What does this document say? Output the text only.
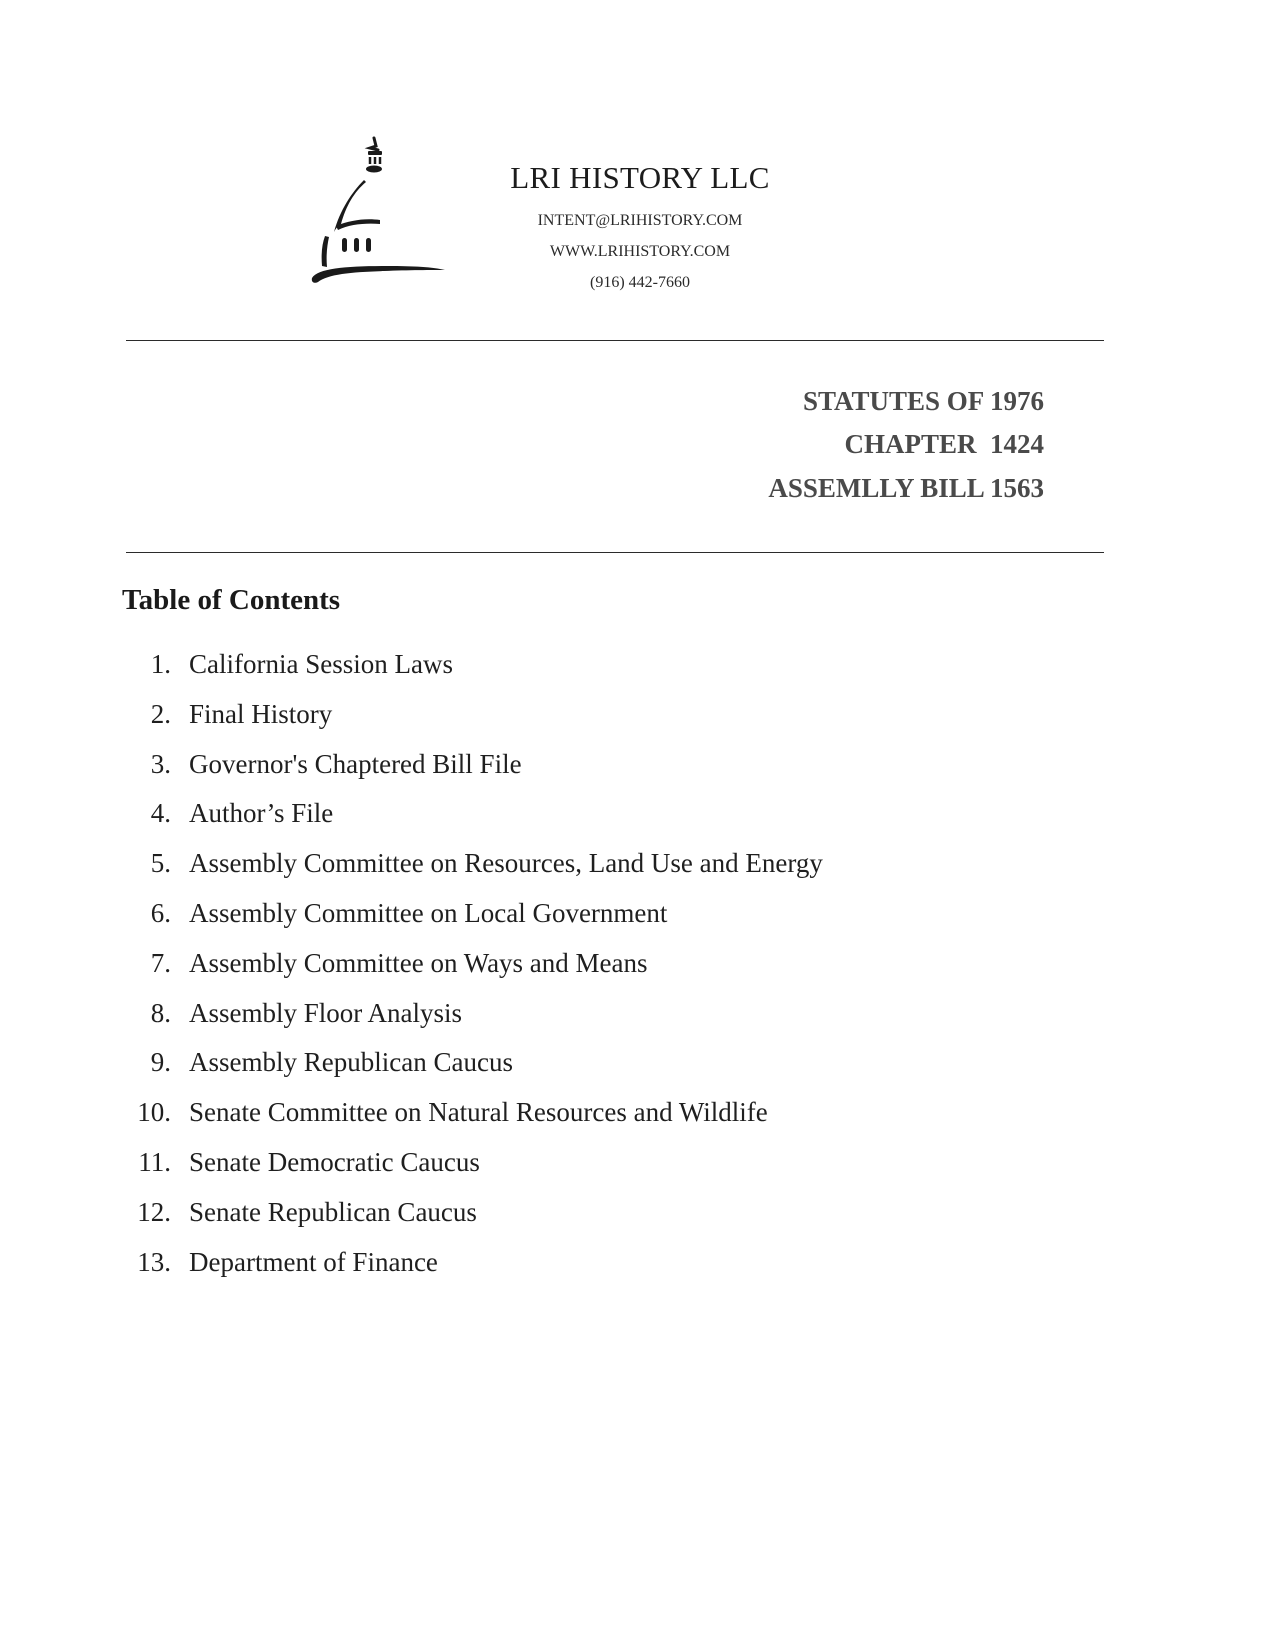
LRI HISTORY LLC
INTENT@LRIHISTORY.COM
WWW.LRIHISTORY.COM
(916) 442-7660
STATUTES OF 1976
CHAPTER  1424
ASSEMLLY BILL 1563
Table of Contents
1. California Session Laws
2. Final History
3. Governor's Chaptered Bill File
4. Author’s File
5. Assembly Committee on Resources, Land Use and Energy
6. Assembly Committee on Local Government
7. Assembly Committee on Ways and Means
8. Assembly Floor Analysis
9. Assembly Republican Caucus
10. Senate Committee on Natural Resources and Wildlife
11. Senate Democratic Caucus
12. Senate Republican Caucus
13. Department of Finance
